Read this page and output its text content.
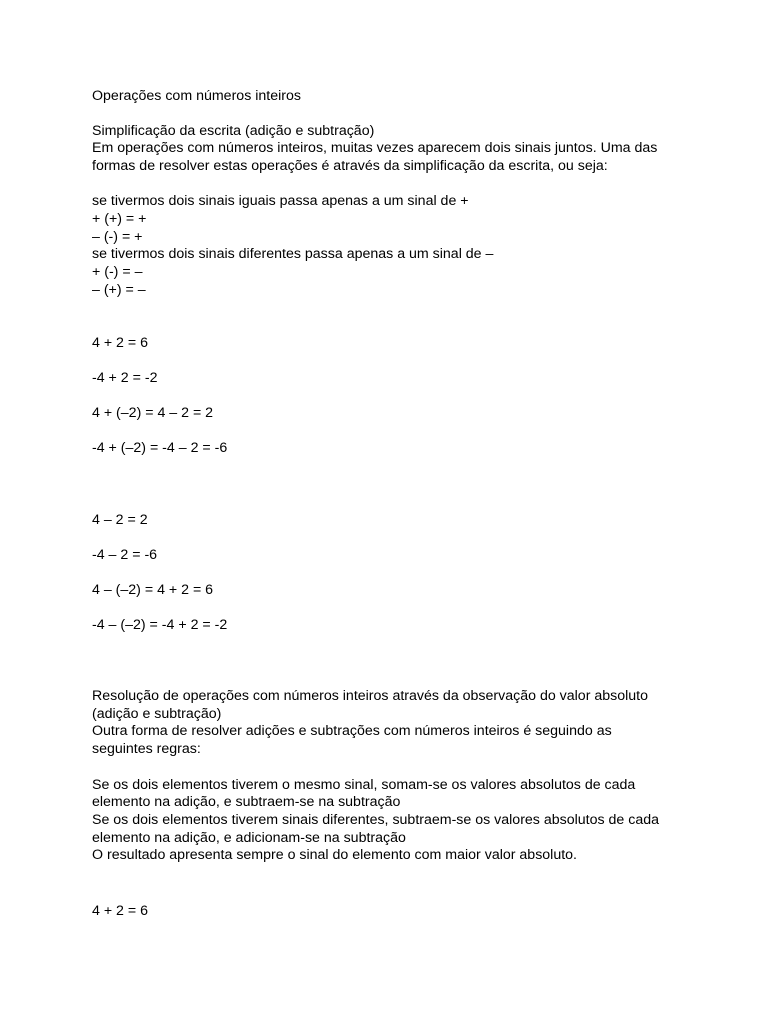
Operações com números inteiros

Simplificação da escrita (adição e subtração)

Em operações com números inteiros, muitas vezes aparecem dois sinais juntos. Uma das

formas de resolver estas operações é através da simplificação da escrita, ou seja:

se tivermos dois sinais iguais passa apenas a um sinal de +

+ (+) = +

– (-) = +

se tivermos dois sinais diferentes passa apenas a um sinal de –

+ (-) = –

– (+) = –

4 + 2 = 6

-4 + 2 = -2

4 + (–2) = 4 – 2 = 2

-4 + (–2) = -4 – 2 = -6

4 – 2 = 2

-4 – 2 = -6

4 – (–2) = 4 + 2 = 6

-4 – (–2) = -4 + 2 = -2

Resolução de operações com números inteiros através da observação do valor absoluto

(adição e subtração)

Outra forma de resolver adições e subtrações com números inteiros é seguindo as

seguintes regras:

Se os dois elementos tiverem o mesmo sinal, somam-se os valores absolutos de cada

elemento na adição, e subtraem-se na subtração

Se os dois elementos tiverem sinais diferentes, subtraem-se os valores absolutos de cada

elemento na adição, e adicionam-se na subtração

O resultado apresenta sempre o sinal do elemento com maior valor absoluto.

4 + 2 = 6
